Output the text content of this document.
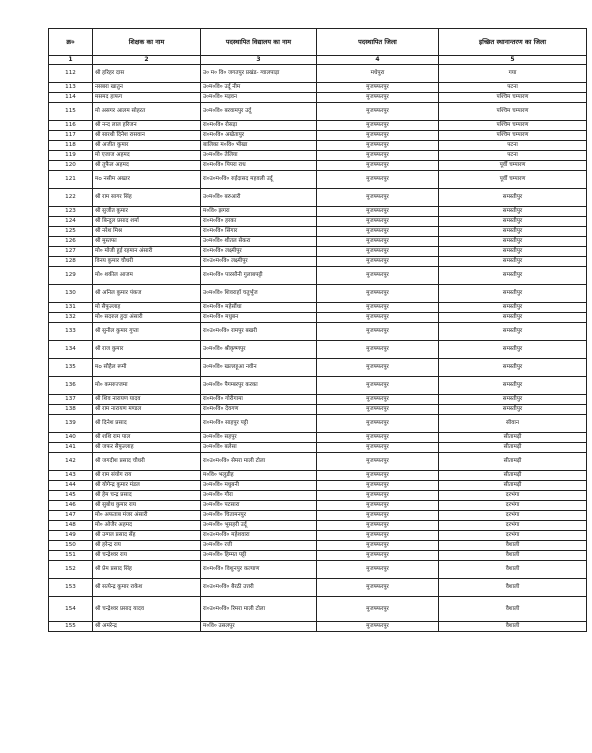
क्र०	शिक्षक का नाम	पदस्थापित विद्यालय का नाम	पदस्थापित जिला	इच्छित स्थानान्तरण का जिला
1	2	3	4	5
112	श्री हरिहर दास	उ० म० वि० जगतपुर प्रखंड- ग्वालपाड़ा	मधेपुरा	गया
113	नसबरा खातुन	उ०म०वि० उर्दू नीम	मुजफ्फरपुर	पटना
114	मसमद हाफग	उ०म०वि० मड़वन	मुजफ्फरपुर	पश्चिम चम्पारण
115	मो असगर आलम सोहरत	उ०म०वि० बरवामपुर उर्दू	मुजफ्फरपुर	पश्चिम चम्पारण
116	श्री नन्द लाल हरिजन	रा०म०वि० रोसड़ा	मुजफ्फरपुर	पश्चिम चम्पारण
117	श्री सारथी दिनेश रासवान	रा०म०वि० अखेतापुर	मुजफ्फरपुर	पश्चिम चम्पारण
118	श्री अजीत कुमार	बालिका म०वि० भीखा	मुजफ्फरपुर	पटना
119	मो एजाज अहमद	उ०म०वि० तेलिया	मुजफ्फरपुर	पटना
120	श्री तुफैल अहमद	रा०म०वि० पिपरा राध	मुजफ्फरपुर	पूर्वी चम्पारण
121	मo नसीम अख्तर	रा०उ०म०वि० रुईदासद महवली उर्दू	मुजफ्फरपुर	पूर्वी चम्पारण
122	श्री राम सागर सिंह	उ०म०वि० बरुआरी	मुजफ्फरपुर	समस्तीपुर
123	श्री सुजीत कुमार	म०वि० झगरा	मुजफ्फरपुर	समस्तीपुर
124	श्री बिन्दुल प्रसाद शर्मा	रा०म०वि० हरका	मुजफ्फरपुर	समस्तीपुर
125	श्री नरेश मिश्र	रा०म०वि० सिंगार	मुजफ्फरपुर	समस्तीपुर
126	श्री मुस्तफा	उ०म०वि० शीतल सेकरा	मुजफ्फरपुर	समस्तीपुर
127	मो० मोजी हुई रहमान अंसारी	रा०म०वि० लक्ष्मीपुर	मुजफ्फरपुर	समस्तीपुर
128	विनय कुमार चौधरी	रा०उ०म०वि० लक्ष्मीपुर	मुजफ्फरपुर	समस्तीपुर
129	मो० शकील आजम	रा०म०वि० पारसौनी गुलाबपट्टी	मुजफ्फरपुर	समस्तीपुर
130	श्री अनिल कुमार पंकज	उ०म०वि० शिवराहाँ चतुर्भुज	मुजफ्फरपुर	समस्तीपुर
131	मो सैफुल्लाह	रा०म०वि० महेसौंधा	मुजफ्फरपुर	समस्तीपुर
132	मो० सदरुल हुदा अंसारी	रा०म०वि० मधुबन	मुजफ्फरपुर	समस्तीपुर
133	श्री सुनील कुमार गुप्ता	रा०उ०म०वि० रामपुर बखरी	मुजफ्फरपुर	समस्तीपुर
134	श्री राज कुमार	उ०म०वि० श्रीकृष्णपुर	मुजफ्फरपुर	समस्तीपुर
135	मo सौहैल रूमी	उ०म०वि० खल्लहूआ नवीन	मुजफ्फरपुर	समस्तीपुर
136	मो० कमरुज्जमा	उ०म०वि० पैगम्बरपुर करका	मुजफ्फरपुर	समस्तीपुर
137	श्री शिव नारायण यादव	रा०म०वि० गोरीगामा	मुजफ्फरपुर	समस्तीपुर
138	श्री राम नारायण मण्डल	रा०म०वि० देवगण	मुजफ्फरपुर	समस्तीपुर
139	श्री दिनेश प्रसाद	रा०म०वि० साहपुर पट्टी	मुजफ्फरपुर	सीवान
140	श्री शशि राम पाल	उ०म०वि० सहपुर	मुजफ्फरपुर	सीतामढ़ी
141	श्री जफर सैफुल्लाह	उ०म०वि० बलेसा	मुजफ्फरपुर	सीतामढ़ी
142	श्री जगदीश प्रसाद चौधरी	रा०उ०म०वि० सेमरा माली टोला	मुजफ्फरपुर	सीतामढ़ी
143	श्री राम संयोग राय	म०वि० भलुडीह	मुजफ्फरपुर	सीतामढ़ी
144	श्री योगेन्द्र कुमार मंडल	उ०म०वि० मधुबनी	मुजफ्फरपुर	सीतामढ़ी
145	श्री हेम चन्द्र प्रसाद	उ०म०वि० गौरा	मुजफ्फरपुर	दरभंगा
146	श्री सुबोध कुमार राय	उ०म०वि० पटसारा	मुजफ्फरपुर	दरभंगा
147	मो० अफताब मंजर अंसारी	उ०म०वि० चितामनपुर	मुजफ्फरपुर	दरभंगा
148	मो० ओजैर अहमद	उ०म०वि० भूसहरी उर्दू	मुजफ्फरपुर	दरभंगा
149	श्री उग्गल प्रसाद सेंह	रा०उ०म०वि० महेशवारा	मुजफ्फरपुर	दरभंगा
150	श्री हरेन्द्र राय	उ०म०वि० रत्ती	मुजफ्फरपुर	वैशाली
151	श्री चन्द्रेश्वर राय	उ०म०वि० हिम्मत पट्टी	मुजफ्फरपुर	वैशाली
152	श्री प्रेम प्रसाद सिंह	रा०म०वि० विशुनपुर कल्याण	मुजफ्फरपुर	वैशाली
153	श्री सत्येन्द्र कुमार राकेश	रा०उ०म०वि० बैरठी उत्तरी	मुजफ्फरपुर	वैशाली
154	श्री चन्द्रेश्वर प्रसाद यादव	रा०उ०म०वि० रिमरा माली टोला	मुजफ्फरपुर	वैशाली
155	श्री अमरेन्द्र	म०वि० उसलपुर	मुजफ्फरपुर	वैशाली
